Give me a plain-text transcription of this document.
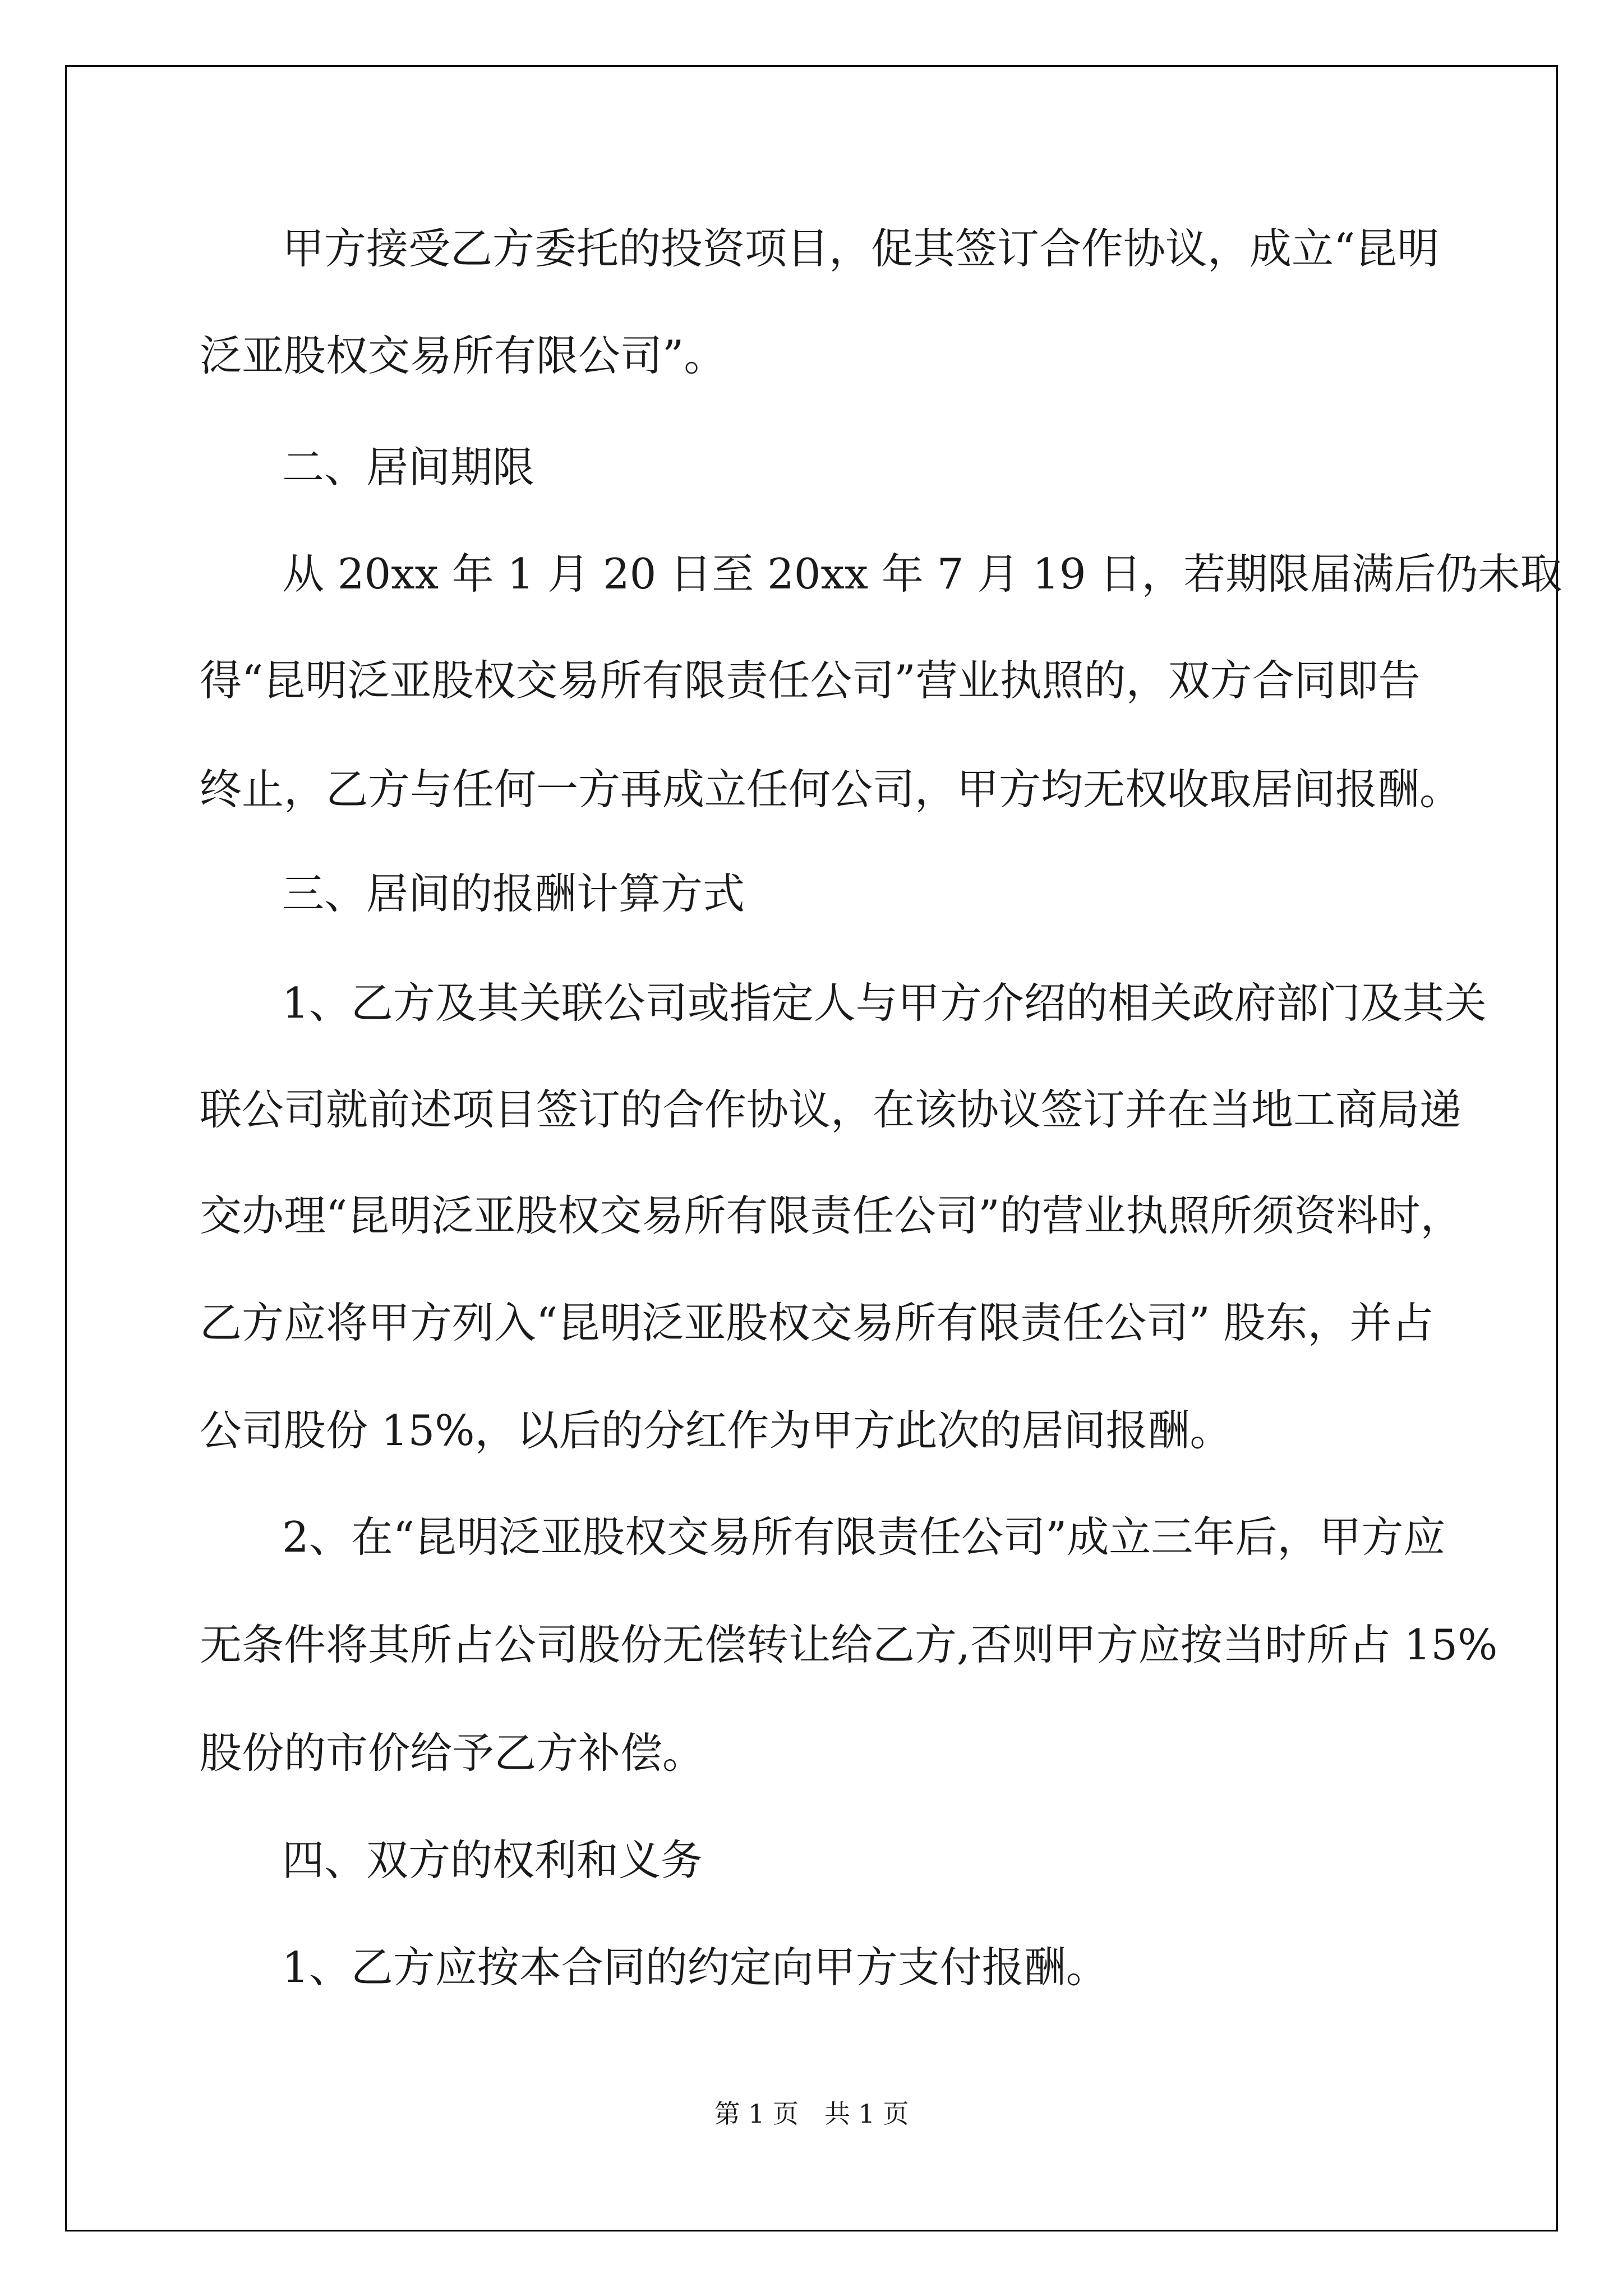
甲方接受乙方委托的投资项目，促其签订合作协议，成立“昆明
泛亚股权交易所有限公司”。
二、居间期限
从 20xx 年 1 月 20 日至 20xx 年 7 月 19 日，若期限届满后仍未取
得“昆明泛亚股权交易所有限责任公司”营业执照的，双方合同即告
终止，乙方与任何一方再成立任何公司，甲方均无权收取居间报酬。
三、居间的报酬计算方式
1、乙方及其关联公司或指定人与甲方介绍的相关政府部门及其关
联公司就前述项目签订的合作协议，在该协议签订并在当地工商局递
交办理“昆明泛亚股权交易所有限责任公司”的营业执照所须资料时，
乙方应将甲方列入“昆明泛亚股权交易所有限责任公司” 股东，并占
公司股份 15%，以后的分红作为甲方此次的居间报酬。
2、在“昆明泛亚股权交易所有限责任公司”成立三年后，甲方应
无条件将其所占公司股份无偿转让给乙方,否则甲方应按当时所占 15%
股份的市价给予乙方补偿。
四、双方的权利和义务
1、乙方应按本合同的约定向甲方支付报酬。
第 1 页　共 1 页
